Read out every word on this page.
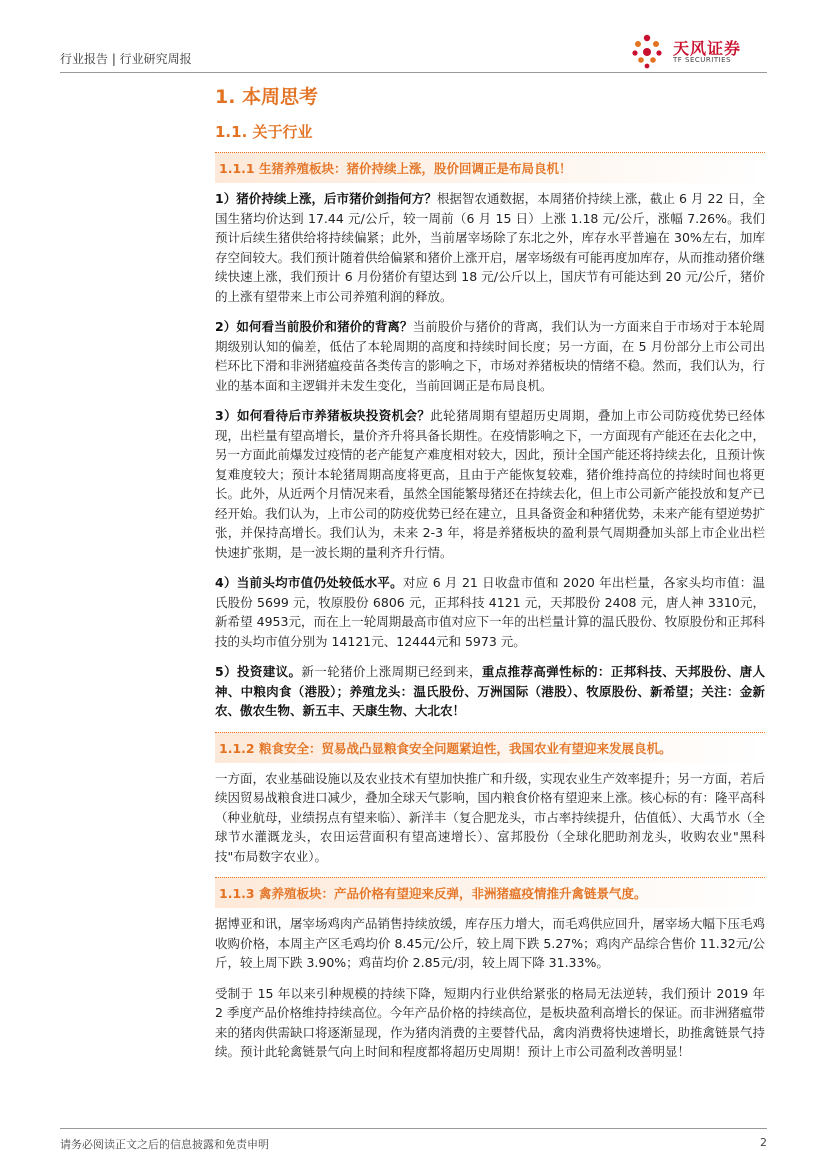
行业报告 | 行业研究周报
天风证券
TF SECURITIES
1. 本周思考
1.1. 关于行业
1.1.1 生猪养殖板块：猪价持续上涨，股价回调正是布局良机！

1）猪价持续上涨，后市猪价剑指何方？根据智农通数据，本周猪价持续上涨，截止 6 月 22 日，全国生猪均价达到 17.44 元/公斤，较一周前（6 月 15 日）上涨 1.18 元/公斤，涨幅 7.26%。我们预计后续生猪供给将持续偏紧；此外，当前屠宰场除了东北之外，库存水平普遍在 30%左右，加库存空间较大。我们预计随着供给偏紧和猪价上涨开启，屠宰场级有可能再度加库存，从而推动猪价继续快速上涨，我们预计 6 月份猪价有望达到 18 元/公斤以上，国庆节有可能达到 20 元/公斤，猪价的上涨有望带来上市公司养殖利润的释放。

2）如何看当前股价和猪价的背离？当前股价与猪价的背离，我们认为一方面来自于市场对于本轮周期级别认知的偏差，低估了本轮周期的高度和持续时间长度；另一方面，在 5 月份部分上市公司出栏环比下滑和非洲猪瘟疫苗各类传言的影响之下，市场对养猪板块的情绪不稳。然而，我们认为，行业的基本面和主逻辑并未发生变化，当前回调正是布局良机。

3）如何看待后市养猪板块投资机会？此轮猪周期有望超历史周期，叠加上市公司防疫优势已经体现，出栏量有望高增长，量价齐升将具备长期性。在疫情影响之下，一方面现有产能还在去化之中，另一方面此前爆发过疫情的老产能复产难度相对较大，因此，预计全国产能还将持续去化，且预计恢复难度较大；预计本轮猪周期高度将更高，且由于产能恢复较难，猪价维持高位的持续时间也将更长。此外，从近两个月情况来看，虽然全国能繁母猪还在持续去化，但上市公司新产能投放和复产已经开始。我们认为，上市公司的防疫优势已经在建立，且具备资金和种猪优势，未来产能有望逆势扩张，并保持高增长。我们认为，未来 2-3 年，将是养猪板块的盈利景气周期叠加头部上市企业出栏快速扩张期，是一波长期的量利齐升行情。

4）当前头均市值仍处较低水平。对应 6 月 21 日收盘市值和 2020 年出栏量，各家头均市值：温氏股份 5699 元，牧原股份 6806 元，正邦科技 4121 元，天邦股份 2408 元，唐人神 3310元，新希望 4953元，而在上一轮周期最高市值对应下一年的出栏量计算的温氏股份、牧原股份和正邦科技的头均市值分别为 14121元、12444元和 5973 元。

5）投资建议。新一轮猪价上涨周期已经到来，重点推荐高弹性标的：正邦科技、天邦股份、唐人神、中粮肉食（港股）；养殖龙头：温氏股份、万洲国际（港股）、牧原股份、新希望；关注：金新农、傲农生物、新五丰、天康生物、大北农！

1.1.2 粮食安全：贸易战凸显粮食安全问题紧迫性，我国农业有望迎来发展良机。

一方面，农业基础设施以及农业技术有望加快推广和升级，实现农业生产效率提升；另一方面，若后续因贸易战粮食进口减少，叠加全球天气影响，国内粮食价格有望迎来上涨。核心标的有：隆平高科（种业航母，业绩拐点有望来临）、新洋丰（复合肥龙头，市占率持续提升，估值低）、大禹节水（全球节水灌溉龙头，农田运营面积有望高速增长）、富邦股份（全球化肥助剂龙头，收购农业"黑科技"布局数字农业）。

1.1.3 禽养殖板块：产品价格有望迎来反弹，非洲猪瘟疫情推升禽链景气度。

据博亚和讯，屠宰场鸡肉产品销售持续放缓，库存压力增大，而毛鸡供应回升，屠宰场大幅下压毛鸡收购价格，本周主产区毛鸡均价 8.45元/公斤，较上周下跌 5.27%；鸡肉产品综合售价 11.32元/公斤，较上周下跌 3.90%；鸡苗均价 2.85元/羽，较上周下降 31.33%。

受制于 15 年以来引种规模的持续下降，短期内行业供给紧张的格局无法逆转，我们预计 2019 年 2 季度产品价格维持持续高位。今年产品价格的持续高位，是板块盈利高增长的保证。而非洲猪瘟带来的猪肉供需缺口将逐渐显现，作为猪肉消费的主要替代品，禽肉消费将快速增长，助推禽链景气持续。预计此轮禽链景气向上时间和程度都将超历史周期！预计上市公司盈利改善明显！

请务必阅读正文之后的信息披露和免责申明	2
